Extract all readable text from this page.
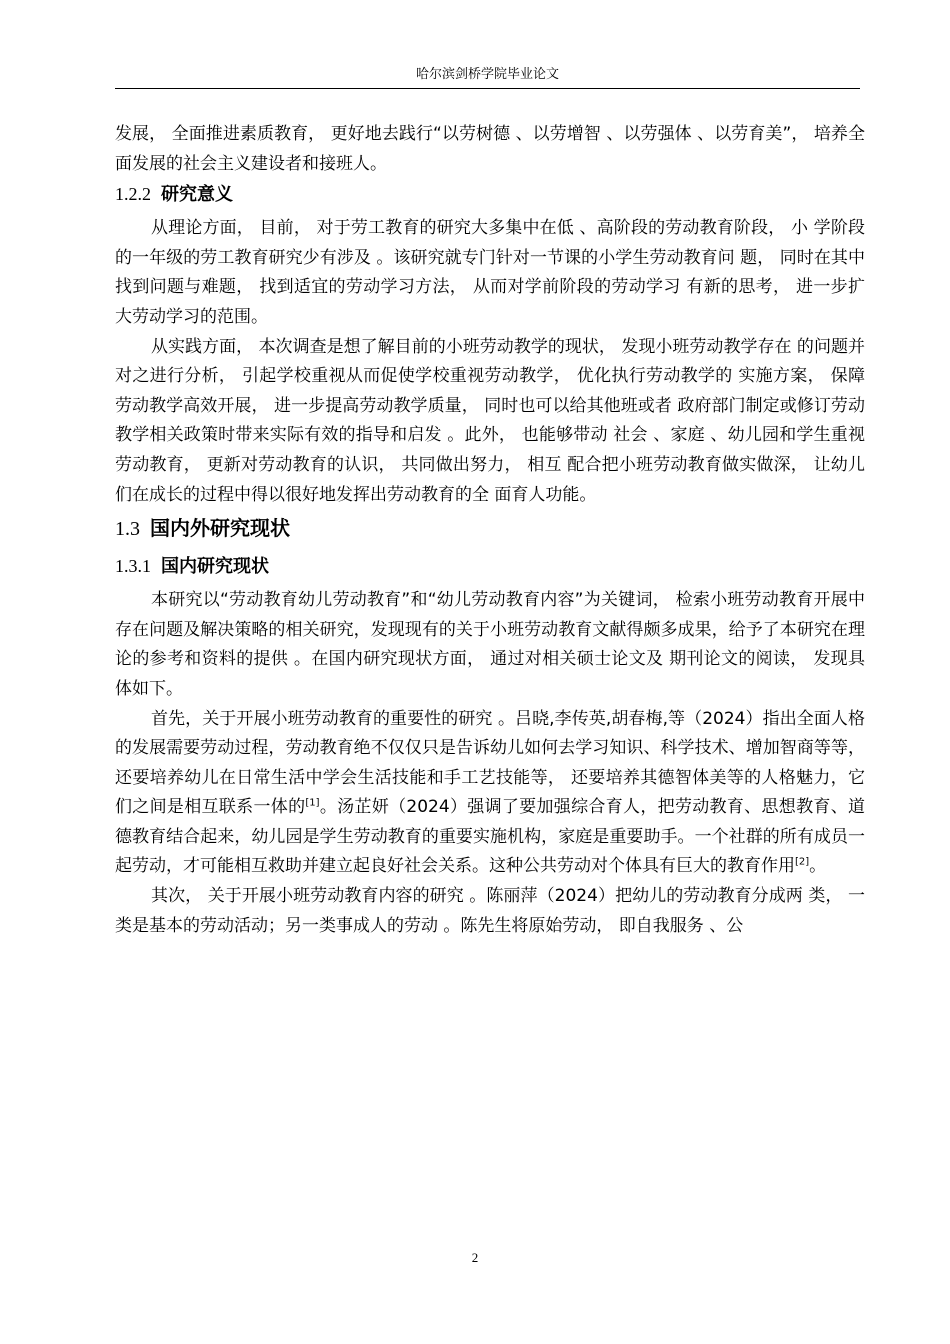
哈尔滨剑桥学院毕业论文

发展， 全面推进素质教育， 更好地去践行“以劳树德 、以劳增智 、以劳强体 、以劳育美”， 培养全面发展的社会主义建设者和接班人。

1.2.2 研究意义

从理论方面， 目前， 对于劳工教育的研究大多集中在低 、高阶段的劳动教育阶段， 小 学阶段的一年级的劳工教育研究少有涉及 。该研究就专门针对一节课的小学生劳动教育问 题， 同时在其中找到问题与难题， 找到适宜的劳动学习方法， 从而对学前阶段的劳动学习 有新的思考， 进一步扩大劳动学习的范围。

从实践方面， 本次调查是想了解目前的小班劳动教学的现状， 发现小班劳动教学存在 的问题并对之进行分析， 引起学校重视从而促使学校重视劳动教学， 优化执行劳动教学的 实施方案， 保障劳动教学高效开展， 进一步提高劳动教学质量， 同时也可以给其他班或者 政府部门制定或修订劳动教学相关政策时带来实际有效的指导和启发 。此外， 也能够带动 社会 、家庭 、幼儿园和学生重视劳动教育， 更新对劳动教育的认识， 共同做出努力， 相互 配合把小班劳动教育做实做深， 让幼儿们在成长的过程中得以很好地发挥出劳动教育的全 面育人功能。

1.3 国内外研究现状
1.3.1 国内研究现状

本研究以“劳动教育幼儿劳动教育”和“幼儿劳动教育内容”为关键词， 检索小班劳动教育开展中存在问题及解决策略的相关研究，发现现有的关于小班劳动教育文献得颇多成果，给予了本研究在理论的参考和资料的提供 。在国内研究现状方面， 通过对相关硕士论文及 期刊论文的阅读， 发现具体如下。

首先，关于开展小班劳动教育的重要性的研究 。吕晓,李传英,胡春梅,等（2024）指出全面人格的发展需要劳动过程，劳动教育绝不仅仅只是告诉幼儿如何去学习知识、科学技术、增加智商等等， 还要培养幼儿在日常生活中学会生活技能和手工艺技能等， 还要培养其德智体美等的人格魅力，它们之间是相互联系一体的[1]。汤芷妍（2024）强调了要加强综合育人，把劳动教育、思想教育、道德教育结合起来，幼儿园是学生劳动教育的重要实施机构，家庭是重要助手。一个社群的所有成员一起劳动，才可能相互救助并建立起良好社会关系。这种公共劳动对个体具有巨大的教育作用[2]。

其次， 关于开展小班劳动教育内容的研究 。陈丽萍（2024）把幼儿的劳动教育分成两 类， 一类是基本的劳动活动；另一类事成人的劳动 。陈先生将原始劳动， 即自我服务 、公

2
